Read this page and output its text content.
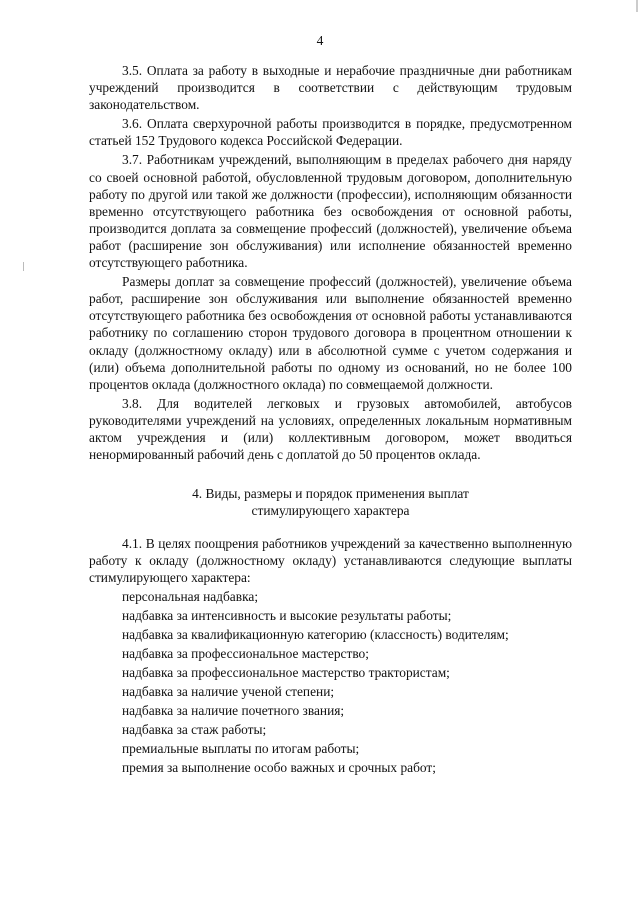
4

3.5. Оплата за работу в выходные и нерабочие праздничные дни работникам учреждений производится в соответствии с действующим трудовым законодательством.

3.6. Оплата сверхурочной работы производится в порядке, предусмотренном статьей 152 Трудового кодекса Российской Федерации.

3.7. Работникам учреждений, выполняющим в пределах рабочего дня наряду со своей основной работой, обусловленной трудовым договором, дополнительную работу по другой или такой же должности (профессии), исполняющим обязанности временно отсутствующего работника без освобождения от основной работы, производится доплата за совмещение профессий (должностей), увеличение объема работ (расширение зон обслуживания) или исполнение обязанностей временно отсутствующего работника.

Размеры доплат за совмещение профессий (должностей), увеличение объема работ, расширение зон обслуживания или выполнение обязанностей временно отсутствующего работника без освобождения от основной работы устанавливаются работнику по соглашению сторон трудового договора в процентном отношении к окладу (должностному окладу) или в абсолютной сумме с учетом содержания и (или) объема дополнительной работы по одному из оснований, но не более 100 процентов оклада (должностного оклада) по совмещаемой должности.

3.8. Для водителей легковых и грузовых автомобилей, автобусов руководителями учреждений на условиях, определенных локальным нормативным актом учреждения и (или) коллективным договором, может вводиться ненормированный рабочий день с доплатой до 50 процентов оклада.

4. Виды, размеры и порядок применения выплат
стимулирующего характера

4.1. В целях поощрения работников учреждений за качественно выполненную работу к окладу (должностному окладу) устанавливаются следующие выплаты стимулирующего характера:

персональная надбавка;
надбавка за интенсивность и высокие результаты работы;
надбавка за квалификационную категорию (классность) водителям;
надбавка за профессиональное мастерство;
надбавка за профессиональное мастерство трактористам;
надбавка за наличие ученой степени;
надбавка за наличие почетного звания;
надбавка за стаж работы;
премиальные выплаты по итогам работы;
премия за выполнение особо важных и срочных работ;
